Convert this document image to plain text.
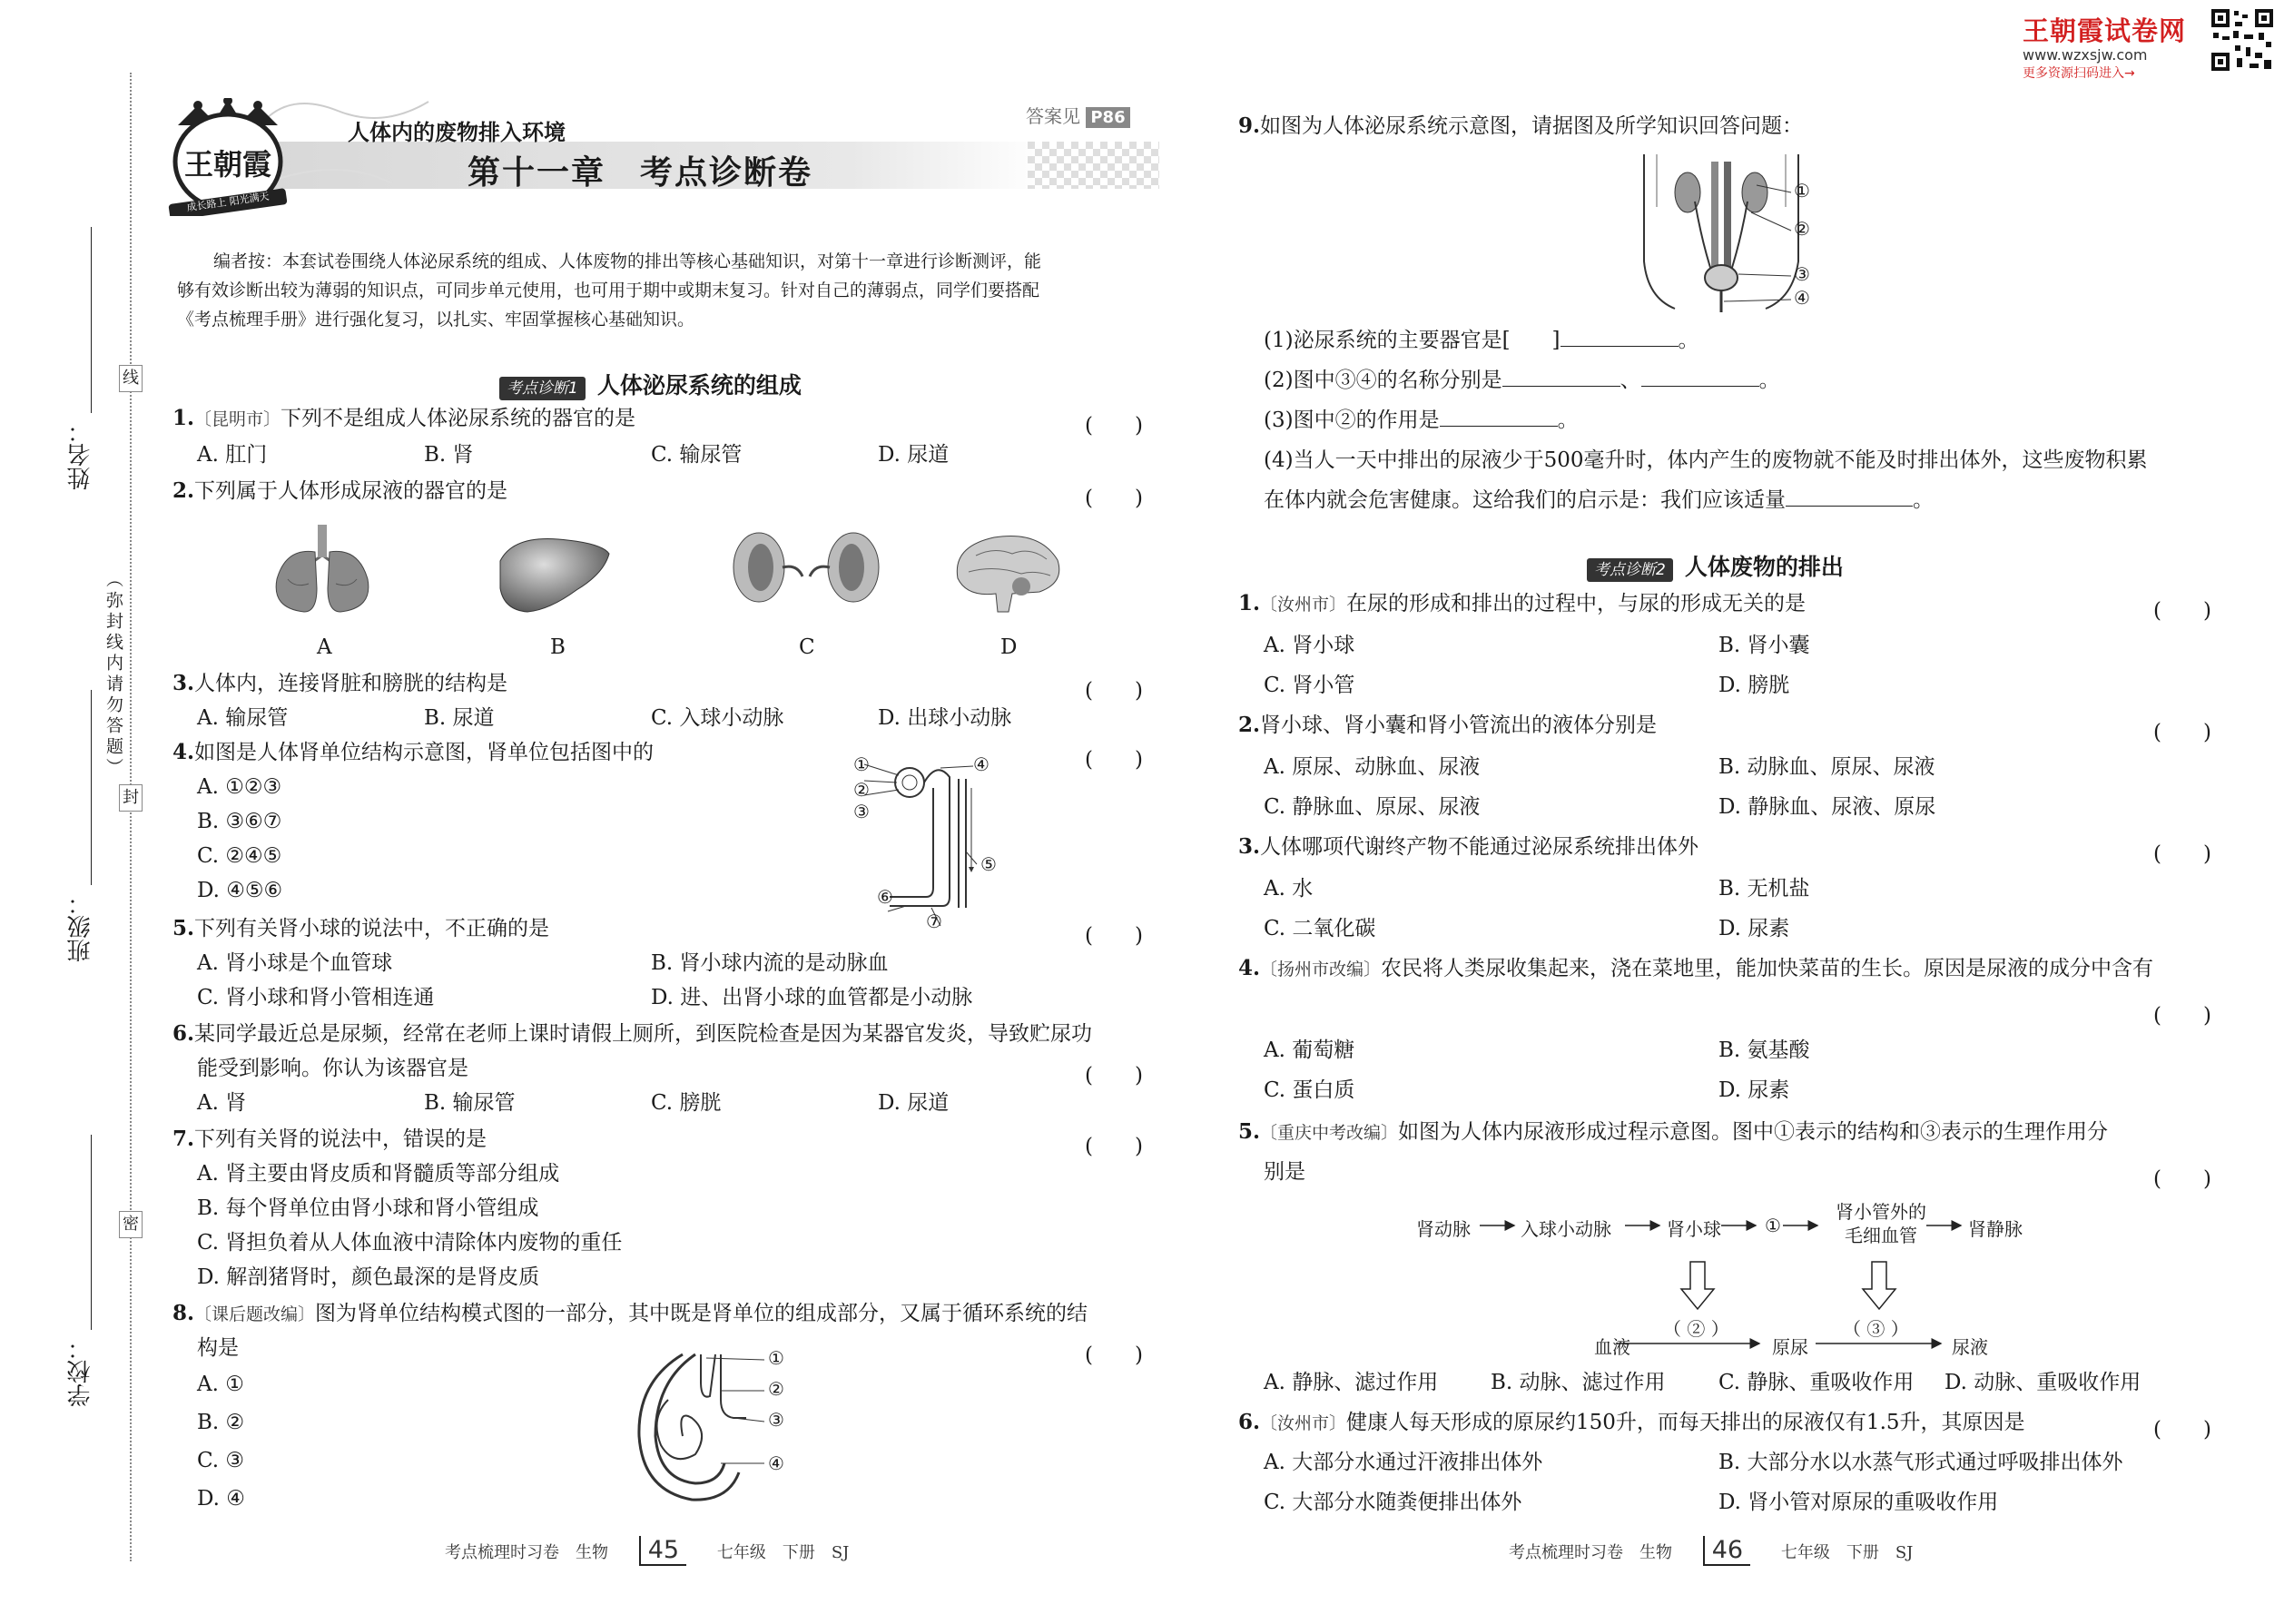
王朝霞试卷网
www.wzxsjw.com
更多资源扫码进入→
线
封
密
（弥封线内请勿答题）
姓名：
班级：
学校：
王朝霞
成长路上 阳光满天
人体内的废物排入环境
第十一章　考点诊断卷
答案见 P86
编者按：本套试卷围绕人体泌尿系统的组成、人体废物的排出等核心基础知识，对第十一章进行诊断测评，能
够有效诊断出较为薄弱的知识点，可同步单元使用，也可用于期中或期末复习。针对自己的薄弱点，同学们要搭配
《考点梳理手册》进行强化复习，以扎实、牢固掌握核心基础知识。
考点诊断1 人体泌尿系统的组成
1.〔昆明市〕下列不是组成人体泌尿系统的器官的是	(　　)
A. 肛门	B. 肾	C. 输尿管	D. 尿道
2.下列属于人体形成尿液的器官的是	(　　)
A	B	C	D
3.人体内，连接肾脏和膀胱的结构是	(　　)
A. 输尿管	B. 尿道	C. 入球小动脉	D. 出球小动脉
4.如图是人体肾单位结构示意图，肾单位包括图中的	(　　)
A. ①②③
B. ③⑥⑦
C. ②④⑤
D. ④⑤⑥
①
②
③
④
⑤
⑥
⑦
5.下列有关肾小球的说法中，不正确的是	(　　)
A. 肾小球是个血管球	B. 肾小球内流的是动脉血
C. 肾小球和肾小管相连通	D. 进、出肾小球的血管都是小动脉
6.某同学最近总是尿频，经常在老师上课时请假上厕所，到医院检查是因为某器官发炎，导致贮尿功
能受到影响。你认为该器官是	(　　)
A. 肾	B. 输尿管	C. 膀胱	D. 尿道
7.下列有关肾的说法中，错误的是	(　　)
A. 肾主要由肾皮质和肾髓质等部分组成
B. 每个肾单位由肾小球和肾小管组成
C. 肾担负着从人体血液中清除体内废物的重任
D. 解剖猪肾时，颜色最深的是肾皮质
8.〔课后题改编〕图为肾单位结构模式图的一部分，其中既是肾单位的组成部分，又属于循环系统的结
构是	(　　)
A. ①
B. ②
C. ③
D. ④
①
②
③
④
考点梳理时习卷　生物 45 七年级　下册　SJ
9.如图为人体泌尿系统示意图，请据图及所学知识回答问题：
①
②
③
④
(1)泌尿系统的主要器官是[　　]	。
(2)图中③④的名称分别是	、	。
(3)图中②的作用是	。
(4)当人一天中排出的尿液少于500毫升时，体内产生的废物就不能及时排出体外，这些废物积累
在体内就会危害健康。这给我们的启示是：我们应该适量	。
考点诊断2 人体废物的排出
1.〔汝州市〕在尿的形成和排出的过程中，与尿的形成无关的是	(　　)
A. 肾小球	B. 肾小囊
C. 肾小管	D. 膀胱
2.肾小球、肾小囊和肾小管流出的液体分别是	(　　)
A. 原尿、动脉血、尿液	B. 动脉血、原尿、尿液
C. 静脉血、原尿、尿液	D. 静脉血、尿液、原尿
3.人体哪项代谢终产物不能通过泌尿系统排出体外	(　　)
A. 水	B. 无机盐
C. 二氧化碳	D. 尿素
4.〔扬州市改编〕农民将人类尿收集起来，浇在菜地里，能加快菜苗的生长。原因是尿液的成分中含有
(　　)
A. 葡萄糖	B. 氨基酸
C. 蛋白质	D. 尿素
5.〔重庆中考改编〕如图为人体内尿液形成过程示意图。图中①表示的结构和③表示的生理作用分
别是	(　　)
肾动脉	入球小动脉	肾小球 ①
肾小管外的
毛细血管	肾静脉
血液
（ ② ）
原尿
（ ③ ）
尿液
A. 静脉、滤过作用	B. 动脉、滤过作用	C. 静脉、重吸收作用 D. 动脉、重吸收作用
6.〔汝州市〕健康人每天形成的原尿约150升，而每天排出的尿液仅有1.5升，其原因是	(　　)
A. 大部分水通过汗液排出体外	B. 大部分水以水蒸气形式通过呼吸排出体外
C. 大部分水随粪便排出体外	D. 肾小管对原尿的重吸收作用
考点梳理时习卷　生物 46 七年级　下册　SJ
